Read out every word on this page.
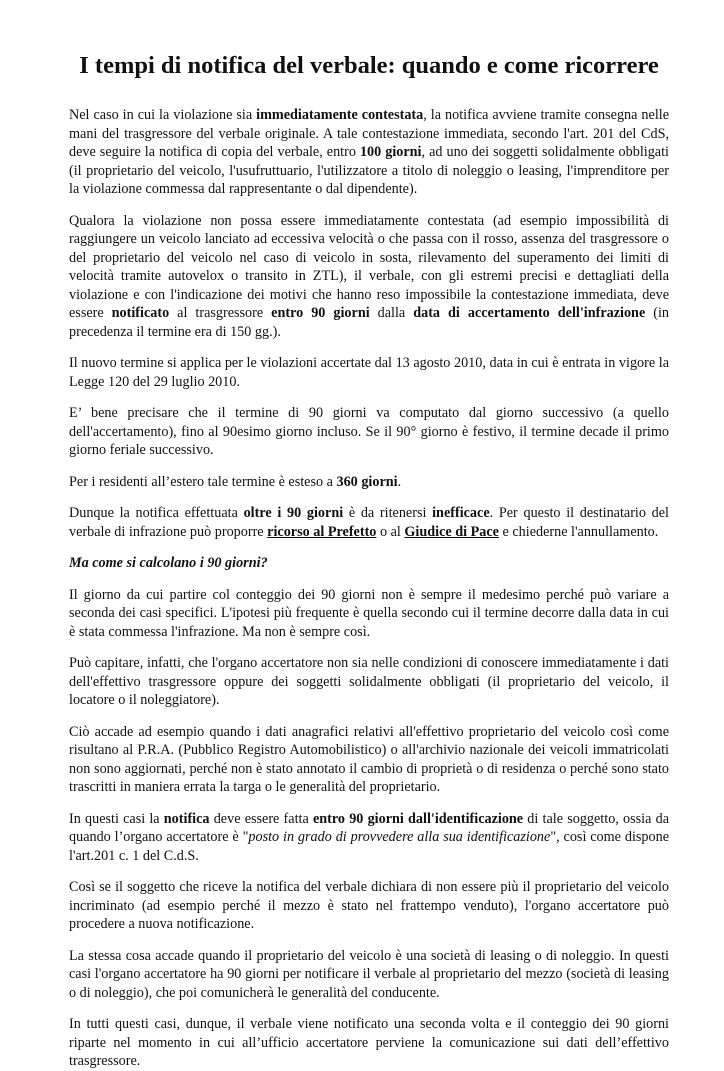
I tempi di notifica del verbale: quando e come ricorrere

Nel caso in cui la violazione sia immediatamente contestata, la notifica avviene tramite consegna nelle mani del trasgressore del verbale originale. A tale contestazione immediata, secondo l'art. 201 del CdS, deve seguire la notifica di copia del verbale, entro 100 giorni, ad uno dei soggetti solidalmente obbligati (il proprietario del veicolo, l'usufruttuario, l'utilizzatore a titolo di noleggio o leasing, l'imprenditore per la violazione commessa dal rappresentante o dal dipendente).

Qualora la violazione non possa essere immediatamente contestata (ad esempio impossibilità di raggiungere un veicolo lanciato ad eccessiva velocità o che passa con il rosso, assenza del trasgressore o del proprietario del veicolo nel caso di veicolo in sosta, rilevamento del superamento dei limiti di velocità tramite autovelox o transito in ZTL), il verbale, con gli estremi precisi e dettagliati della violazione e con l'indicazione dei motivi che hanno reso impossibile la contestazione immediata, deve essere notificato al trasgressore entro 90 giorni dalla data di accertamento dell'infrazione (in precedenza il termine era di 150 gg.).

Il nuovo termine si applica per le violazioni accertate dal 13 agosto 2010, data in cui è entrata in vigore la Legge 120 del 29 luglio 2010.

E’ bene precisare che il termine di 90 giorni va computato dal giorno successivo (a quello dell'accertamento), fino al 90esimo giorno incluso. Se il 90° giorno è festivo, il termine decade il primo giorno feriale successivo.

Per i residenti all’estero tale termine è esteso a 360 giorni.

Dunque la notifica effettuata oltre i 90 giorni è da ritenersi inefficace. Per questo il destinatario del verbale di infrazione può proporre ricorso al Prefetto o al Giudice di Pace e chiederne l'annullamento.

Ma come si calcolano i 90 giorni?

Il giorno da cui partire col conteggio dei 90 giorni non è sempre il medesimo perché può variare a seconda dei casi specifici. L'ipotesi più frequente è quella secondo cui il termine decorre dalla data in cui è stata commessa l'infrazione. Ma non è sempre così.

Può capitare, infatti, che l'organo accertatore non sia nelle condizioni di conoscere immediatamente i dati dell'effettivo trasgressore oppure dei soggetti solidalmente obbligati (il proprietario del veicolo, il locatore o il noleggiatore).

Ciò accade ad esempio quando i dati anagrafici relativi all'effettivo proprietario del veicolo così come risultano al P.R.A. (Pubblico Registro Automobilistico) o all'archivio nazionale dei veicoli immatricolati non sono aggiornati, perché non è stato annotato il cambio di proprietà o di residenza o perché sono stato trascritti in maniera errata la targa o le generalità del proprietario.

In questi casi la notifica deve essere fatta entro 90 giorni dall'identificazione di tale soggetto, ossia da quando l’organo accertatore è "posto in grado di provvedere alla sua identificazione", così come dispone l'art.201 c. 1 del C.d.S.

Così se il soggetto che riceve la notifica del verbale dichiara di non essere più il proprietario del veicolo incriminato (ad esempio perché il mezzo è stato nel frattempo venduto), l'organo accertatore può procedere a nuova notificazione.

La stessa cosa accade quando il proprietario del veicolo è una società di leasing o di noleggio. In questi casi l'organo accertatore ha 90 giorni per notificare il verbale al proprietario del mezzo (società di leasing o di noleggio), che poi comunicherà le generalità del conducente.

In tutti questi casi, dunque, il verbale viene notificato una seconda volta e il conteggio dei 90 giorni riparte nel momento in cui all’ufficio accertatore perviene la comunicazione sui dati dell’effettivo trasgressore.
